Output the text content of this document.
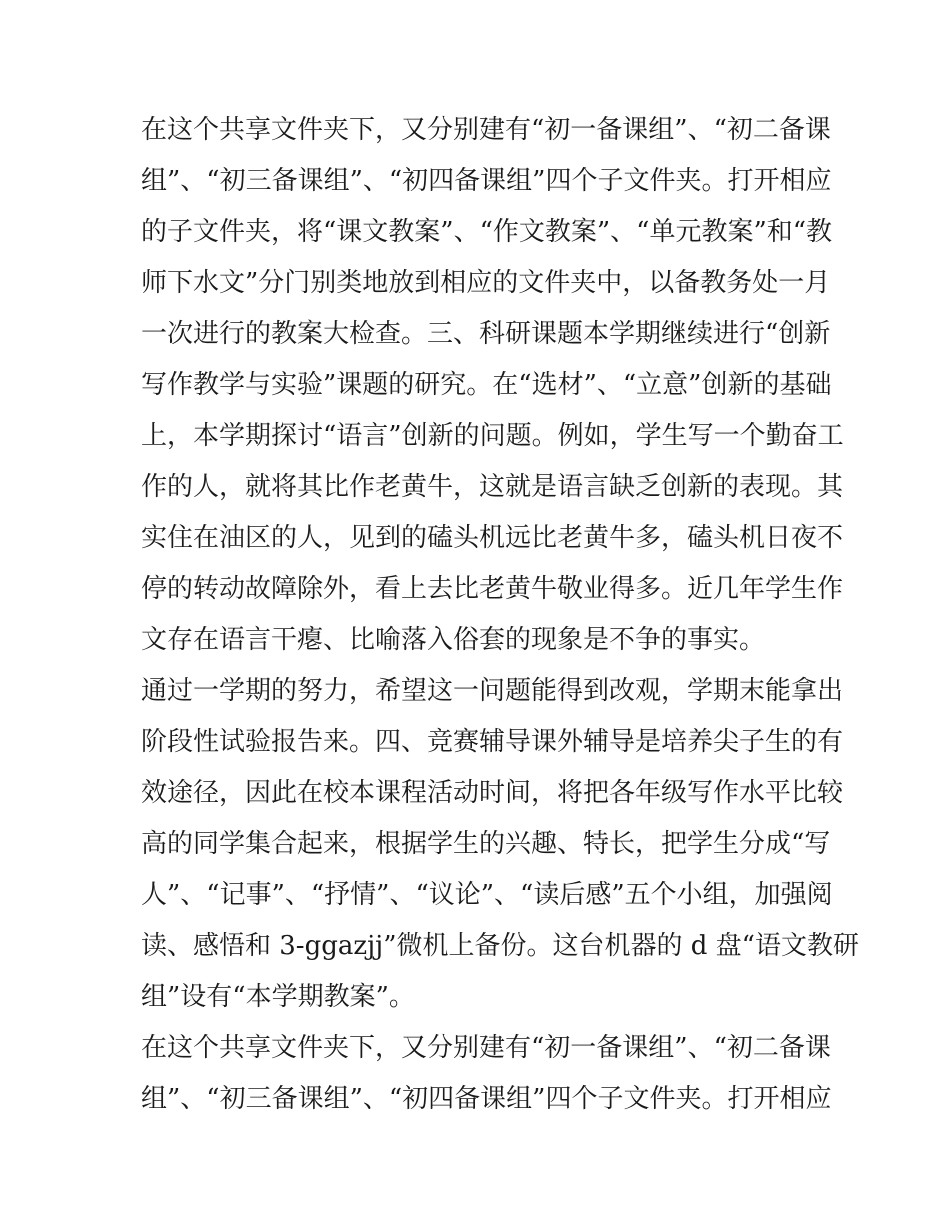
在这个共享文件夹下，又分别建有“初一备课组”、“初二备课
组”、“初三备课组”、“初四备课组”四个子文件夹。打开相应
的子文件夹，将“课文教案”、“作文教案”、“单元教案”和“教
师下水文”分门别类地放到相应的文件夹中，以备教务处一月
一次进行的教案大检查。三、科研课题本学期继续进行“创新
写作教学与实验”课题的研究。在“选材”、“立意”创新的基础
上，本学期探讨“语言”创新的问题。例如，学生写一个勤奋工
作的人，就将其比作老黄牛，这就是语言缺乏创新的表现。其
实住在油区的人，见到的磕头机远比老黄牛多，磕头机日夜不
停的转动故障除外，看上去比老黄牛敬业得多。近几年学生作
文存在语言干瘪、比喻落入俗套的现象是不争的事实。
通过一学期的努力，希望这一问题能得到改观，学期末能拿出
阶段性试验报告来。四、竞赛辅导课外辅导是培养尖子生的有
效途径，因此在校本课程活动时间，将把各年级写作水平比较
高的同学集合起来，根据学生的兴趣、特长，把学生分成“写
人”、“记事”、“抒情”、“议论”、“读后感”五个小组，加强阅
读、感悟和 3-ggazjj”微机上备份。这台机器的 d 盘“语文教研
组”设有“本学期教案”。
在这个共享文件夹下，又分别建有“初一备课组”、“初二备课
组”、“初三备课组”、“初四备课组”四个子文件夹。打开相应
